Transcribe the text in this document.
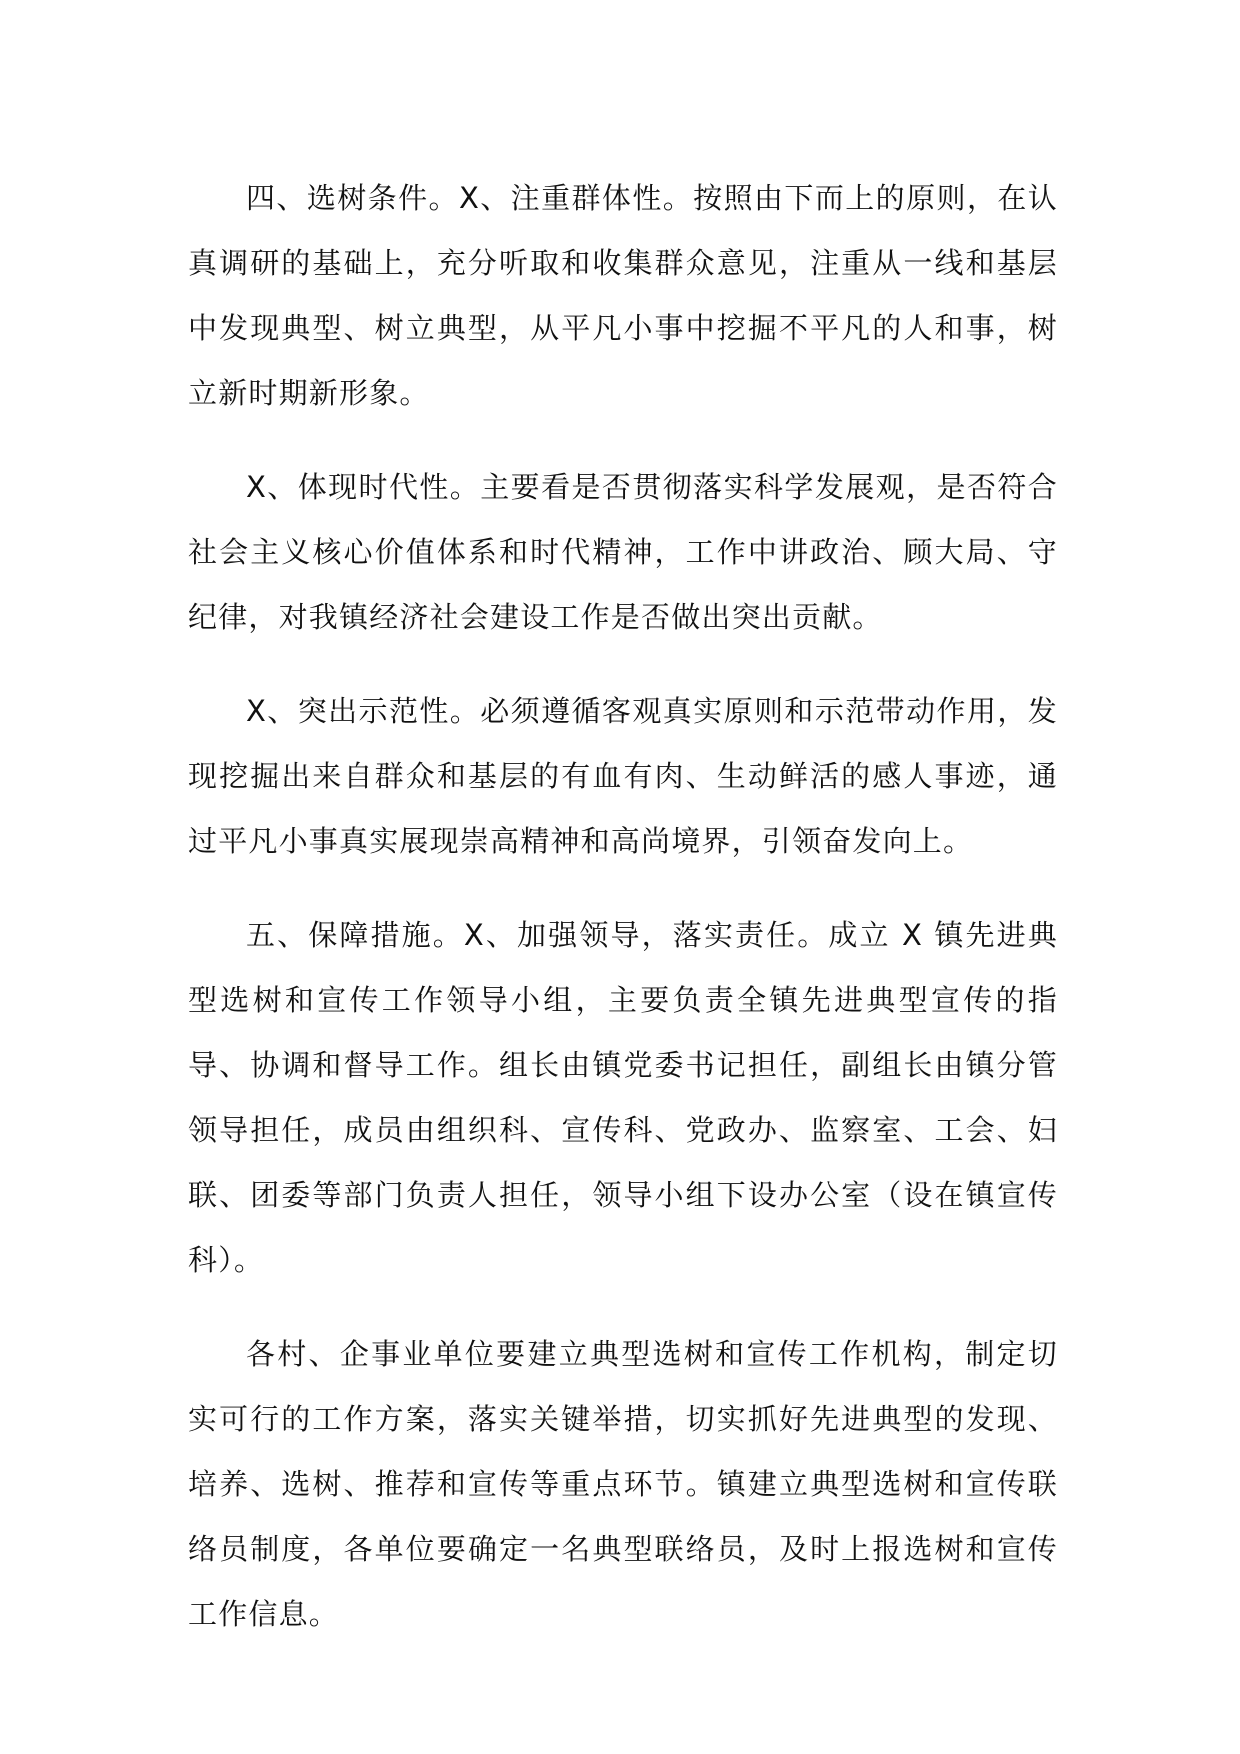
四、选树条件。X、注重群体性。按照由下而上的原则，在认真调研的基础上，充分听取和收集群众意见，注重从一线和基层中发现典型、树立典型，从平凡小事中挖掘不平凡的人和事，树立新时期新形象。

X、体现时代性。主要看是否贯彻落实科学发展观，是否符合社会主义核心价值体系和时代精神，工作中讲政治、顾大局、守纪律，对我镇经济社会建设工作是否做出突出贡献。

X、突出示范性。必须遵循客观真实原则和示范带动作用，发现挖掘出来自群众和基层的有血有肉、生动鲜活的感人事迹，通过平凡小事真实展现崇高精神和高尚境界，引领奋发向上。

五、保障措施。X、加强领导，落实责任。成立 X 镇先进典型选树和宣传工作领导小组，主要负责全镇先进典型宣传的指导、协调和督导工作。组长由镇党委书记担任，副组长由镇分管领导担任，成员由组织科、宣传科、党政办、监察室、工会、妇联、团委等部门负责人担任，领导小组下设办公室（设在镇宣传科）。

各村、企事业单位要建立典型选树和宣传工作机构，制定切实可行的工作方案，落实关键举措，切实抓好先进典型的发现、培养、选树、推荐和宣传等重点环节。镇建立典型选树和宣传联络员制度，各单位要确定一名典型联络员，及时上报选树和宣传工作信息。
